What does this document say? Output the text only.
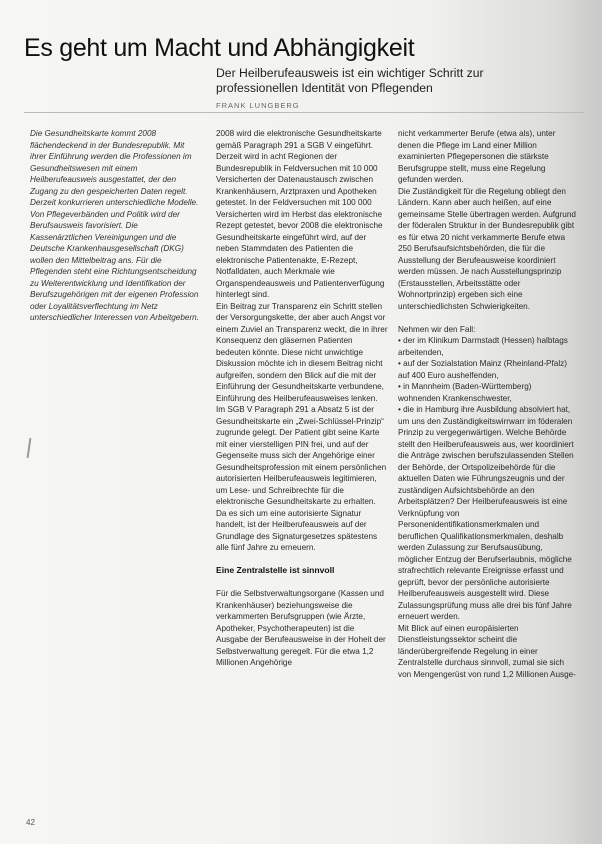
Es geht um Macht und Abhängigkeit
Der Heilberufeausweis ist ein wichtiger Schritt zur professionellen Identität von Pflegenden
FRANK LUNGBERG

Die Gesundheitskarte kommt 2008 flächendeckend in der Bundesrepublik. Mit ihrer Einführung werden die Professionen im Gesundheitswesen mit einem Heilberufeausweis ausgestattet, der den Zugang zu den gespeicherten Daten regelt. Derzeit konkurrieren unterschiedliche Modelle. Von Pflegeverbänden und Politik wird der Berufsausweis favorisiert. Die Kassenärztlichen Vereinigungen und die Deutsche Krankenhausgesellschaft (DKG) wollen den Mittelbeitrag ans. Für die Pflegenden steht eine Richtungsentscheidung zu Weiterentwicklung und Identifikation der Berufszugehörigen mit der eigenen Profession oder Loyalitätsverflechtung im Netz unterschiedlicher Interessen von Arbeitgebern.

2008 wird die elektronische Gesundheitskarte gemäß Paragraph 291 a SGB V eingeführt. Derzeit wird in acht Regionen der Bundesrepublik in Feldversuchen mit 10 000 Versicherten der Datenaustausch zwischen Krankenhäusern, Arztpraxen und Apotheken getestet. In der Feldversuchen mit 100 000 Versicherten wird im Herbst das elektronische Rezept getestet, bevor 2008 die elektronische Gesundheitskarte eingeführt wird, auf der neben Stammdaten des Patienten die elektronische Patientenakte, E-Rezept, Notfalldaten, auch Merkmale wie Organspendeausweis und Patientenverfügung hinterlegt sind.

Ein Beitrag zur Transparenz ein Schritt stellen der Versorgungskette, der aber auch Angst vor einem Zuviel an Transparenz weckt, die in ihrer Konsequenz den gläsernen Patienten bedeuten könnte. Diese nicht unwichtige Diskussion möchte ich in diesem Beitrag nicht aufgreifen, sondern den Blick auf die mit der Einführung der Gesundheitskarte verbundene, Einführung des Heilberufeausweises lenken.

Im SGB V Paragraph 291 a Absatz 5 ist der Gesundheitskarte ein „Zwei-Schlüssel-Prinzip“ zugrunde gelegt. Der Patient gibt seine Karte mit einer vierstelligen PIN frei, und auf der Gegenseite muss sich der Angehörige einer Gesundheitsprofession mit einem persönlichen autorisierten Heilberufeausweis legitimieren, um Lese- und Schreibrechte für die elektronische Gesundheitskarte zu erhalten. Da es sich um eine autorisierte Signatur handelt, ist der Heilberufeausweis auf der Grundlage des Signaturgesetzes spätestens alle fünf Jahre zu erneuern.

Eine Zentralstelle ist sinnvoll

Für die Selbstverwaltungsorgane (Kassen und Krankenhäuser) beziehungsweise die verkammerten Berufsgruppen (wie Ärzte, Apotheker, Psychotherapeuten) ist die Ausgabe der Berufeausweise in der Hoheit der Selbstverwaltung geregelt. Für die etwa 1,2 Millionen Angehörige

nicht verkammerter Berufe (etwa als), unter denen die Pflege im Land einer Million examinierten Pflegepersonen die stärkste Berufsgruppe stellt, muss eine Regelung gefunden werden.

Die Zuständigkeit für die Regelung obliegt den Ländern. Kann aber auch heißen, auf eine gemeinsame Stelle übertragen werden. Aufgrund der föderalen Struktur in der Bundesrepublik gibt es für etwa 20 nicht verkammerte Berufe etwa 250 Berufsaufsichtsbehörden, die für die Ausstellung der Berufeausweise koordiniert werden müssen. Je nach Ausstellungsprinzip (Erstausstellen, Arbeitsstätte oder Wohnortprinzip) ergeben sich eine unterschiedlichsten Schwierigkeiten.

Nehmen wir den Fall:

• der im Klinikum Darmstadt (Hessen) halbtags arbeitenden,
• auf der Sozialstation Mainz (Rheinland-Pfalz) auf 400 Euro aushelfenden,
• in Mannheim (Baden-Württemberg) wohnenden Krankenschwester,
• die in Hamburg ihre Ausbildung absolviert hat,

um uns den Zuständigkeitswirrwarr im föderalen Prinzip zu vergegenwärtigen. Welche Behörde stellt den Heilberufeausweis aus, wer koordiniert die Anträge zwischen berufszulassenden Stellen der Behörde, der Ortspolizeibehörde für die aktuellen Daten wie Führungszeugnis und der zuständigen Aufsichtsbehörde an den Arbeitsplätzen? Der Heilberufeausweis ist eine Verknüpfung von Personenidentifikationsmerkmalen und beruflichen Qualifikationsmerkmalen, deshalb werden Zulassung zur Berufsausübung, möglicher Entzug der Berufserlaubnis, mögliche strafrechtlich relevante Ereignisse erfasst und geprüft, bevor der persönliche autorisierte Heilberufeausweis ausgestellt wird. Diese Zulassungsprüfung muss alle drei bis fünf Jahre erneuert werden.

Mit Blick auf einen europäisierten Dienstleistungssektor scheint die länderübergreifende Regelung in einer Zentralstelle durchaus sinnvoll, zumal sie sich von Mengengerüst von rund 1,2 Millionen Ausge-

42
